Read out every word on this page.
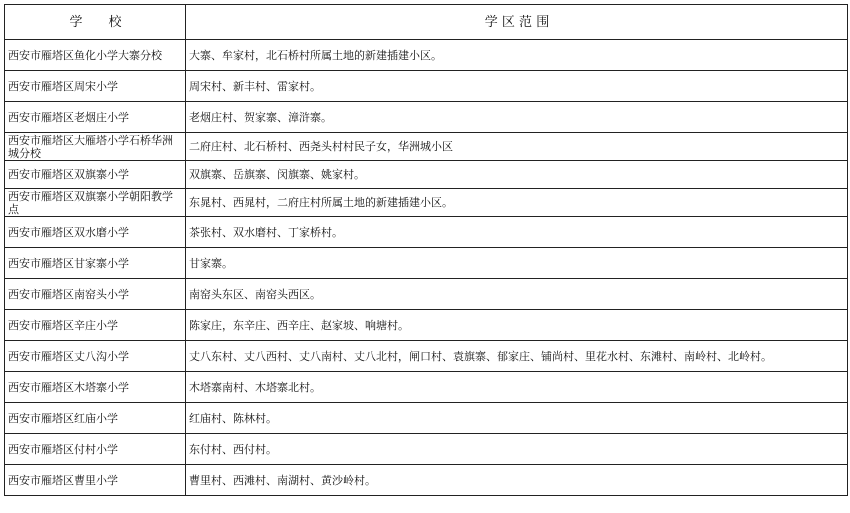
学　　校	学 区 范 围
西安市雁塔区鱼化小学大寨分校	大寨、牟家村，北石桥村所属土地的新建插建小区。
西安市雁塔区周宋小学	周宋村、新丰村、雷家村。
西安市雁塔区老烟庄小学	老烟庄村、贺家寨、漳浒寨。
西安市雁塔区大雁塔小学石桥华洲城分校	二府庄村、北石桥村、西尧头村村民子女，华洲城小区
西安市雁塔区双旗寨小学	双旗寨、岳旗寨、闵旗寨、姚家村。
西安市雁塔区双旗寨小学朝阳教学点	东晁村、西晁村，二府庄村所属土地的新建插建小区。
西安市雁塔区双水磨小学	茶张村、双水磨村、丁家桥村。
西安市雁塔区甘家寨小学	甘家寨。
西安市雁塔区南窑头小学	南窑头东区、南窑头西区。
西安市雁塔区辛庄小学	陈家庄，东辛庄、西辛庄、赵家坡、响塘村。
西安市雁塔区丈八沟小学	丈八东村、丈八西村、丈八南村、丈八北村，闸口村、袁旗寨、郁家庄、铺尚村、里花水村、东滩村、南岭村、北岭村。
西安市雁塔区木塔寨小学	木塔寨南村、木塔寨北村。
西安市雁塔区红庙小学	红庙村、陈林村。
西安市雁塔区付村小学	东付村、西付村。
西安市雁塔区曹里小学	曹里村、西滩村、南湖村、黄沙岭村。
